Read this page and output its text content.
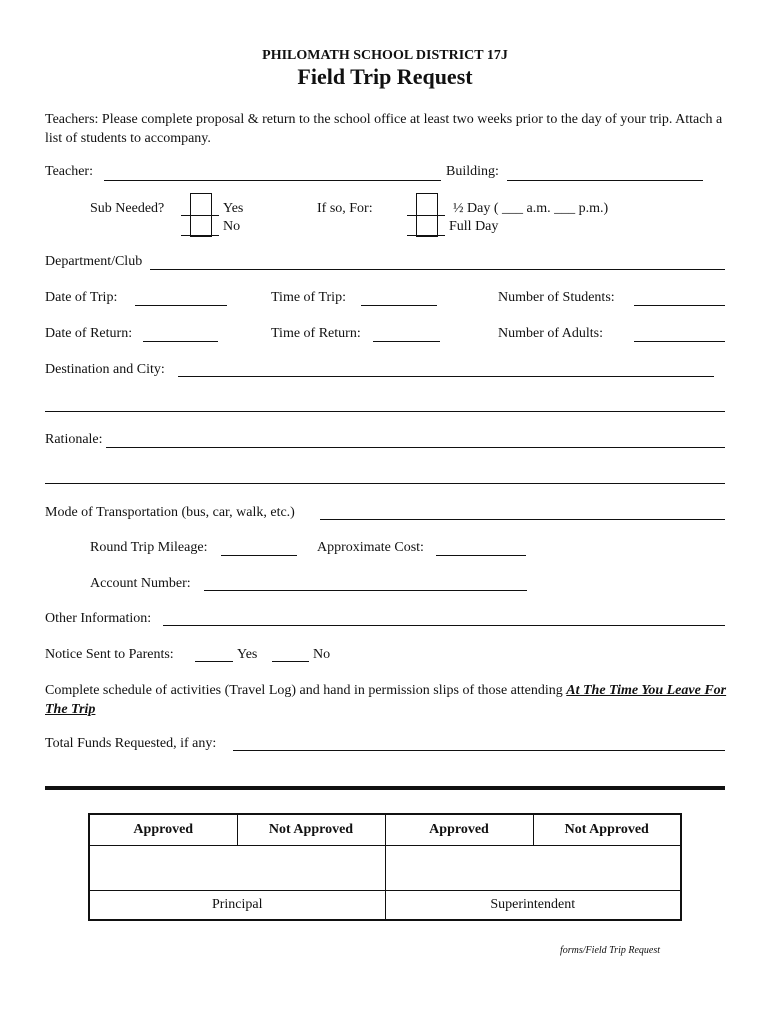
PHILOMATH SCHOOL DISTRICT 17J
Field Trip Request
Teachers: Please complete proposal & return to the school office at least two weeks prior to the day of your trip. Attach a list of students to accompany.
Teacher:	Building:
Sub Needed?	Yes
No
If so, For:	½ Day ( ___ a.m. ___ p.m.)
Full Day
Department/Club
Date of Trip:	Time of Trip:	Number of Students:
Date of Return:	Time of Return:	Number of Adults:
Destination and City:
Rationale:
Mode of Transportation (bus, car, walk, etc.)
Round Trip Mileage:	Approximate Cost:
Account Number:
Other Information:
Notice Sent to Parents:	Yes	No
Complete schedule of activities (Travel Log) and hand in permission slips of those attending At The Time You Leave For The Trip
Total Funds Requested, if any:
Approved	Not Approved	Approved	Not Approved

Principal		Superintendent	
forms/Field Trip Request
